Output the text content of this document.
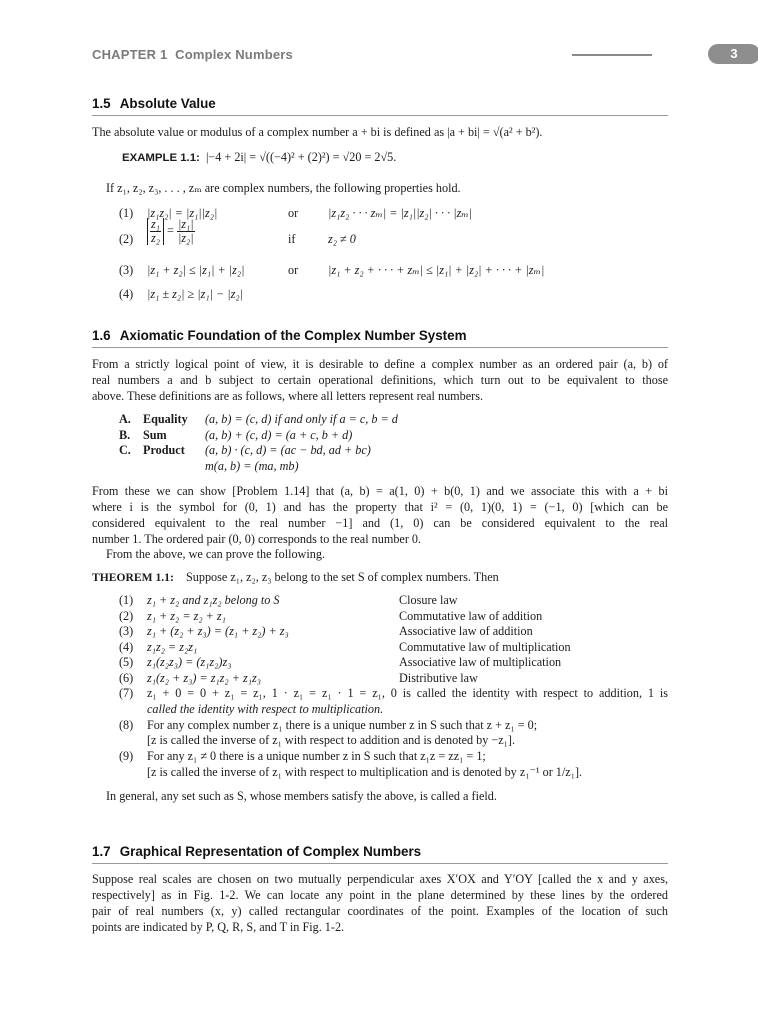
CHAPTER 1 Complex Numbers	3
1.5 Absolute Value
The absolute value or modulus of a complex number a + bi is defined as |a + bi| = √(a² + b²).
EXAMPLE 1.1: |−4 + 2i| = √((−4)² + (2)²) = √20 = 2√5.
If z₁, z₂, z₃, . . . , zₘ are complex numbers, the following properties hold.
(1) |z₁z₂| = |z₁||z₂|	or |z₁z₂ · · · zₘ| = |z₁||z₂| · · · |zₘ|
$(2) \frac{\text{z₁}}{\text{z₂}} = \frac{\text{|z₁|}}{\text{|z₂|}}$	if	z₂ ≠ 0
(3) |z₁ + z₂| ≤ |z₁| + |z₂|	or |z₁ + z₂ + · · · + zₘ| ≤ |z₁| + |z₂| + · · · + |zₘ|
(4) |z₁ ± z₂| ≥ |z₁| − |z₂|
1.6 Axiomatic Foundation of the Complex Number System
From a strictly logical point of view, it is desirable to define a complex number as an ordered pair (a, b) of
real numbers a and b subject to certain operational definitions, which turn out to be equivalent to those
above. These definitions are as follows, where all letters represent real numbers.
A. Equality (a, b) = (c, d) if and only if a = c, b = d
B. Sum	(a, b) + (c, d) = (a + c, b + d)
C. Product (a, b) · (c, d) = (ac − bd, ad + bc)
m(a, b) = (ma, mb)
From these we can show [Problem 1.14] that (a, b) = a(1, 0) + b(0, 1) and we associate this with a + bi
where i is the symbol for (0, 1) and has the property that i² = (0, 1)(0, 1) = (−1, 0) [which can be
considered equivalent to the real number −1] and (1, 0) can be considered equivalent to the real
number 1. The ordered pair (0, 0) corresponds to the real number 0.
From the above, we can prove the following.
THEOREM 1.1: Suppose z₁, z₂, z₃ belong to the set S of complex numbers. Then
(1) z₁ + z₂ and z₁z₂ belong to S	Closure law
(2) z₁ + z₂ = z₂ + z₁	Commutative law of addition
(3) z₁ + (z₂ + z₃) = (z₁ + z₂) + z₃	Associative law of addition
(4) z₁z₂ = z₂z₁	Commutative law of multiplication
(5) z₁(z₂z₃) = (z₁z₂)z₃	Associative law of multiplication
(6) z₁(z₂ + z₃) = z₁z₂ + z₁z₃	Distributive law
(7) z₁ + 0 = 0 + z₁ = z₁, 1 · z₁ = z₁ · 1 = z₁, 0 is called the identity with respect to addition, 1 is
called the identity with respect to multiplication.
(8) For any complex number z₁ there is a unique number z in S such that z + z₁ = 0;
[z is called the inverse of z₁ with respect to addition and is denoted by −z₁].
(9) For any z₁ ≠ 0 there is a unique number z in S such that z₁z = zz₁ = 1;
[z is called the inverse of z₁ with respect to multiplication and is denoted by z₁⁻¹ or 1/z₁].
In general, any set such as S, whose members satisfy the above, is called a field.
1.7 Graphical Representation of Complex Numbers
Suppose real scales are chosen on two mutually perpendicular axes X′OX and Y′OY [called the x and y axes,
respectively] as in Fig. 1-2. We can locate any point in the plane determined by these lines by the ordered
pair of real numbers (x, y) called rectangular coordinates of the point. Examples of the location of such
points are indicated by P, Q, R, S, and T in Fig. 1-2.
